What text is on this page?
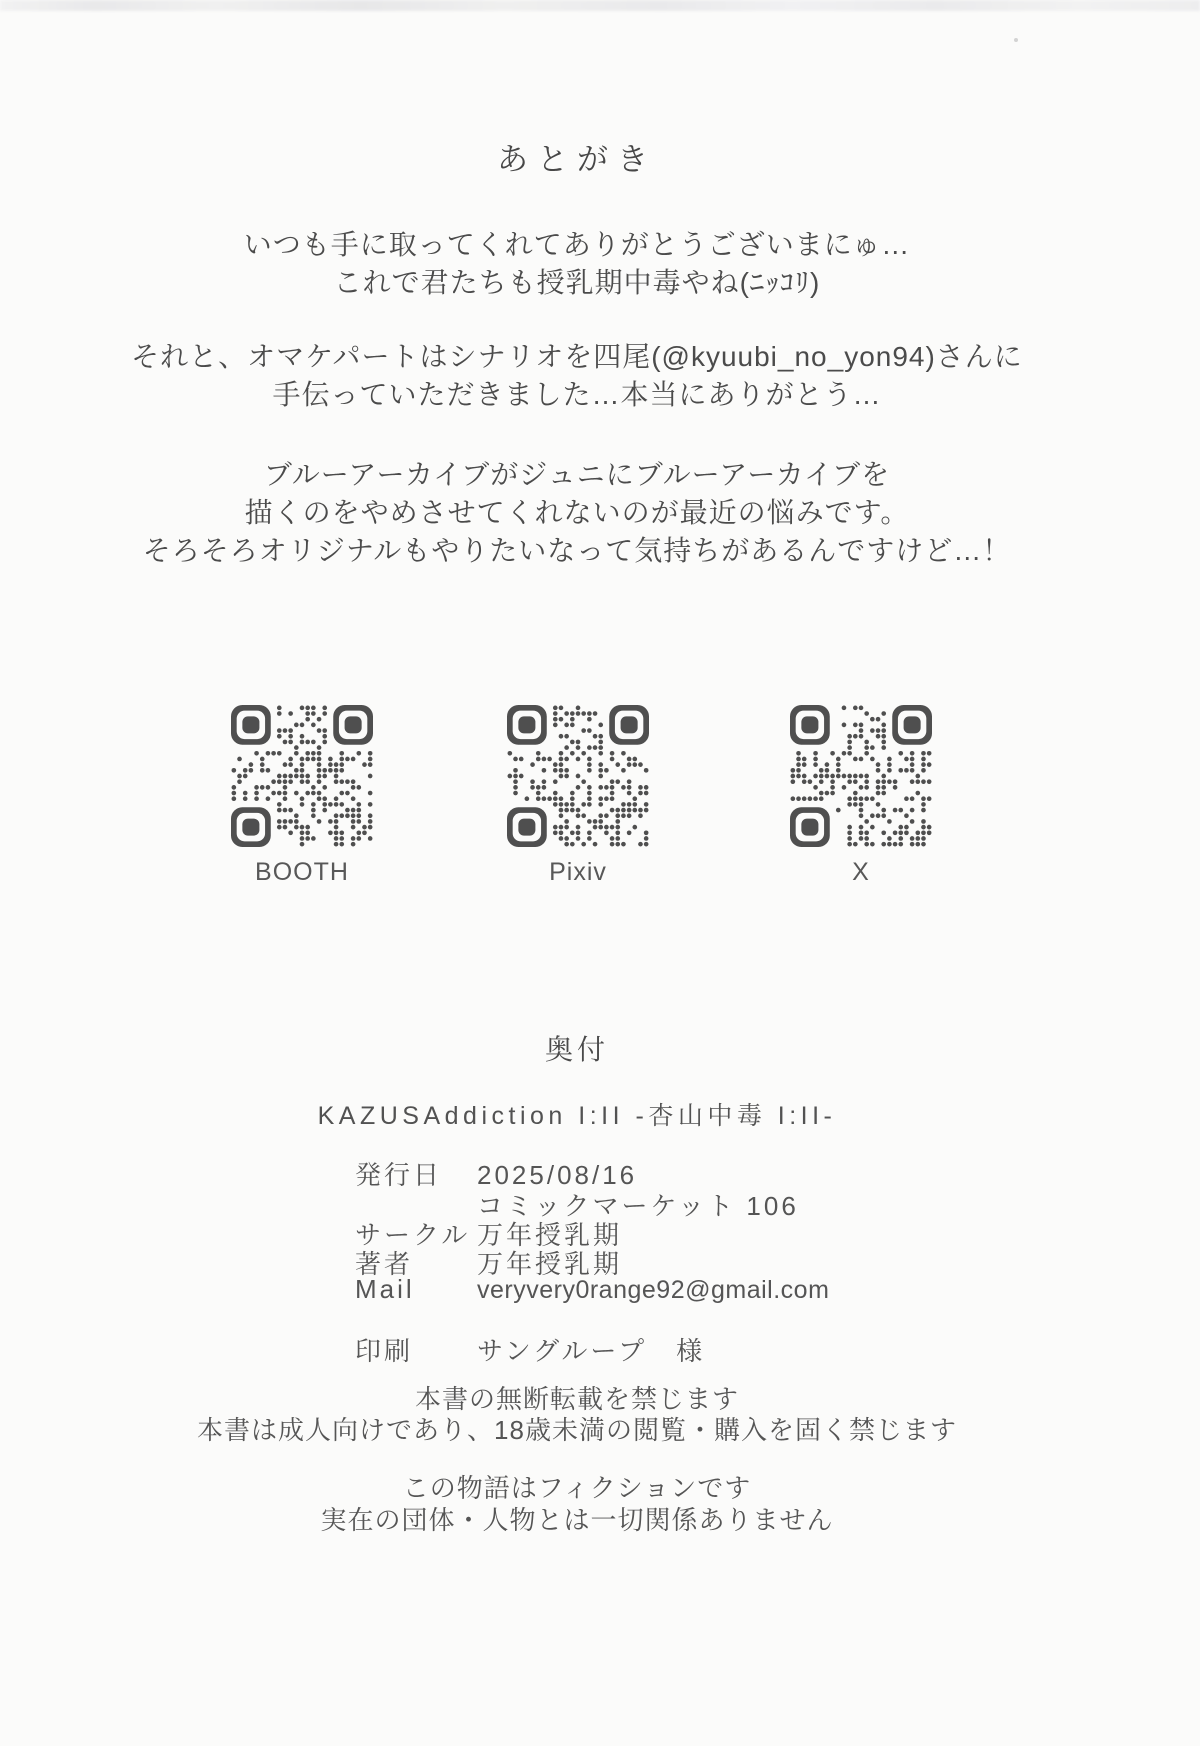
あとがき
いつも手に取ってくれてありがとうございまにゅ…
これで君たちも授乳期中毒やね(ﾆｯｺﾘ)
それと、オマケパートはシナリオを四尾(@kyuubi_no_yon94)さんに
手伝っていただきました…本当にありがとう…
ブルーアーカイブがジュニにブルーアーカイブを
描くのをやめさせてくれないのが最近の悩みです。
そろそろオリジナルもやりたいなって気持ちがあるんですけど…！
BOOTH	Pixiv	X
奥付
KAZUSAddiction I:II -杏山中毒 I:II-
発行日 2025/08/16
コミックマーケット 106
サークル 万年授乳期
著者 万年授乳期
Mail veryvery0range92@gmail.com
印刷 サングループ　様
本書の無断転載を禁じます
本書は成人向けであり、18歳未満の閲覧・購入を固く禁じます
この物語はフィクションです
実在の団体・人物とは一切関係ありません
